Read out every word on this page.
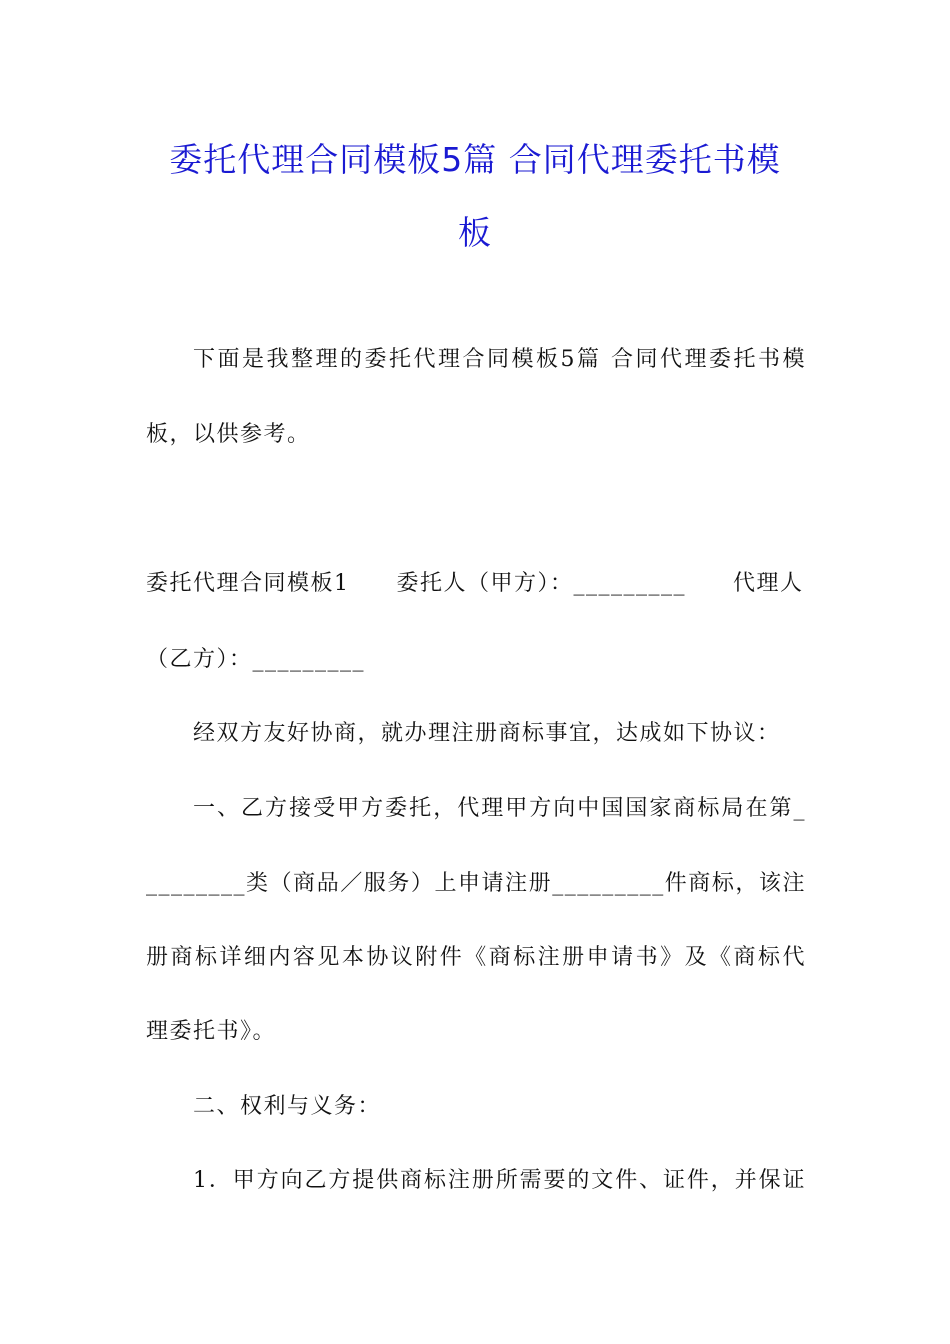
委托代理合同模板5篇 合同代理委托书模
板
下面是我整理的委托代理合同模板5篇 合同代理委托书模
板，以供参考。
委托代理合同模板1　　委托人（甲方）：_________　　代理人
（乙方）：_________
经双方友好协商，就办理注册商标事宜，达成如下协议：
一、乙方接受甲方委托，代理甲方向中国国家商标局在第_
________类（商品／服务）上申请注册_________件商标，该注
册商标详细内容见本协议附件《商标注册申请书》及《商标代
理委托书》。
二、权利与义务：
1．甲方向乙方提供商标注册所需要的文件、证件，并保证
